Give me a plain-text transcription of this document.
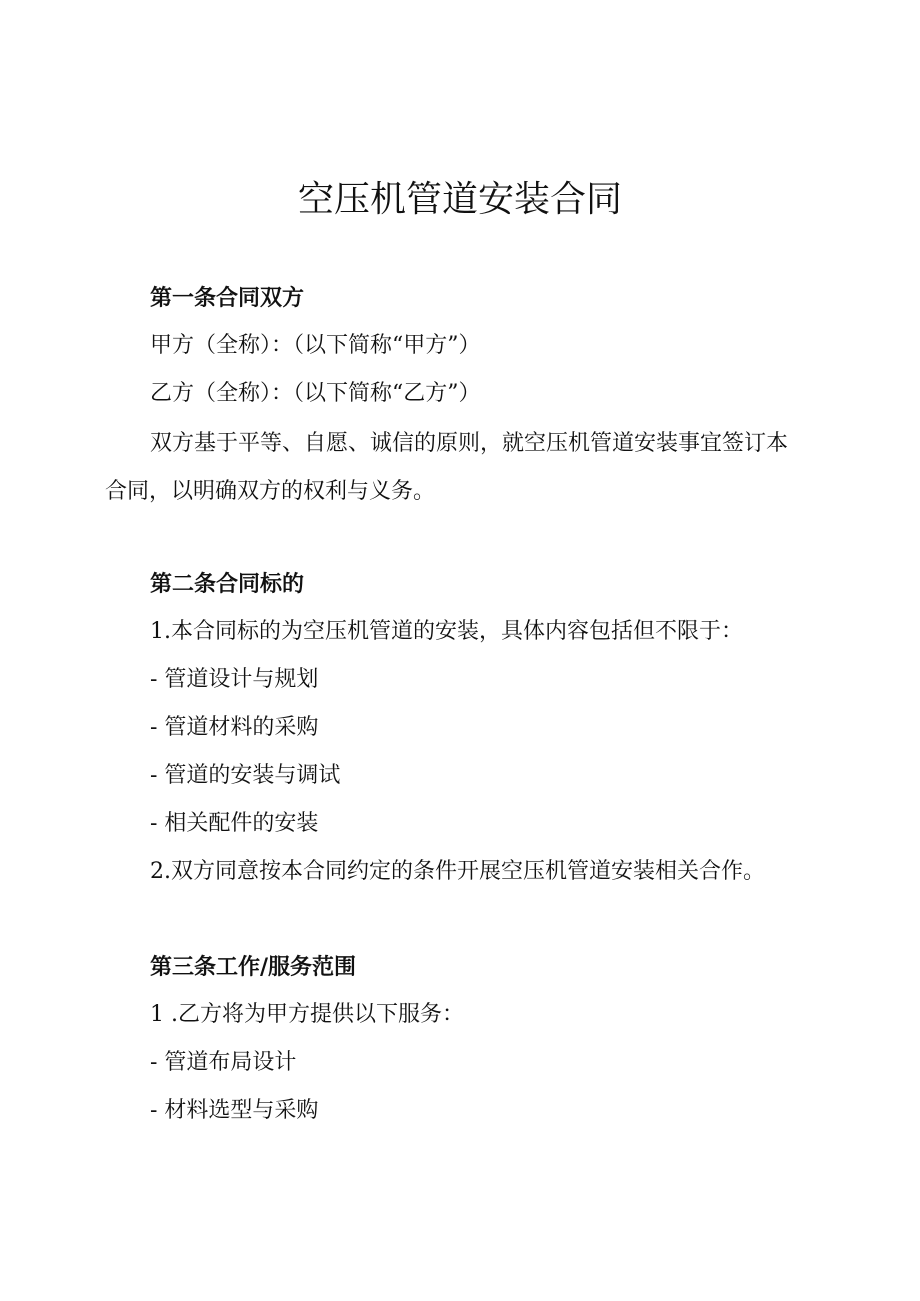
空压机管道安装合同

第一条合同双方

甲方（全称）：（以下简称“甲方”）

乙方（全称）：（以下简称“乙方”）

双方基于平等、自愿、诚信的原则，就空压机管道安装事宜签订本合同，以明确双方的权利与义务。

第二条合同标的

1.本合同标的为空压机管道的安装，具体内容包括但不限于：

- 管道设计与规划

- 管道材料的采购

- 管道的安装与调试

- 相关配件的安装

2.双方同意按本合同约定的条件开展空压机管道安装相关合作。

第三条工作/服务范围

1 .乙方将为甲方提供以下服务：

- 管道布局设计

- 材料选型与采购
